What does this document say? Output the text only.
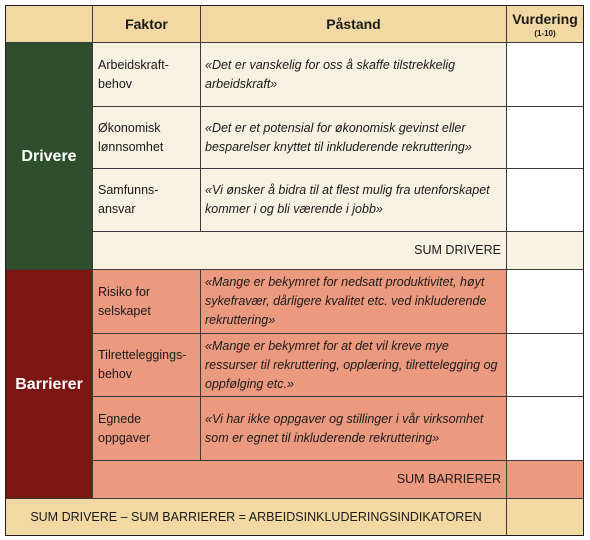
Faktor	Påstand	Vurdering
(1-10)
Drivere
Arbeidskraft-behov
«Det er vanskelig for oss å skaffe tilstrekkelig arbeidskraft»
Økonomisk lønnsomhet
«Det er et potensial for økonomisk gevinst eller besparelser knyttet til inkluderende rekruttering»
Samfunns- ansvar
«Vi ønsker å bidra til at flest mulig fra utenforskapet kommer i og bli værende i jobb»
SUM DRIVERE
Barrierer
Risiko for selskapet
«Mange er bekymret for nedsatt produktivitet, høyt sykefravær, dårligere kvalitet etc. ved inkluderende rekruttering»
Tilretteleggings-behov
«Mange er bekymret for at det vil kreve mye ressurser til rekruttering, opplæring, tilrettelegging og oppfølging etc.»
Egnede oppgaver
«Vi har ikke oppgaver og stillinger i vår virksomhet som er egnet til inkluderende rekruttering»
SUM BARRIERER
SUM DRIVERE – SUM BARRIERER = ARBEIDSINKLUDERINGSINDIKATOREN
